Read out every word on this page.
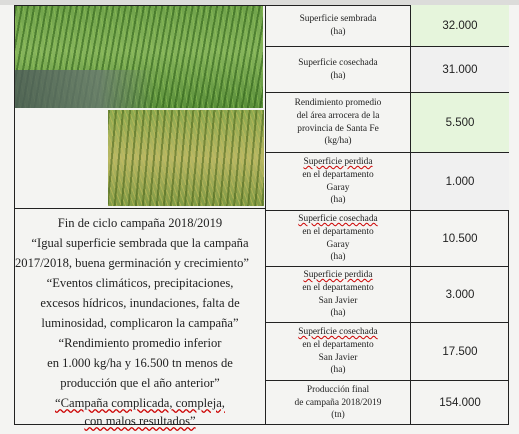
Fin de ciclo campaña 2018/2019
“Igual superficie sembrada que la campaña
2017/2018, buena germinación y crecimiento”
“Eventos climáticos, precipitaciones,
excesos hídricos, inundaciones, falta de
luminosidad, complicaron la campaña”
“Rendimiento promedio inferior
en 1.000 kg/ha y 16.500 tn menos de
producción que el año anterior”
“Campaña complicada, compleja,
con malos resultados”
Superficie sembrada
(ha)	32.000
Superficie cosechada
(ha)	31.000
Rendimiento promedio
del área arrocera de la
provincia de Santa Fe
(kg/ha)
5.500
Superficie perdida
en el departamento
Garay
(ha)
1.000
Superficie cosechada
en el departamento
Garay
(ha)
10.500
Superficie perdida
en el departamento
San Javier
(ha)
3.000
Superficie cosechada
en el departamento
San Javier
(ha)
17.500
Producción final
de campaña 2018/2019
(tn)
154.000
